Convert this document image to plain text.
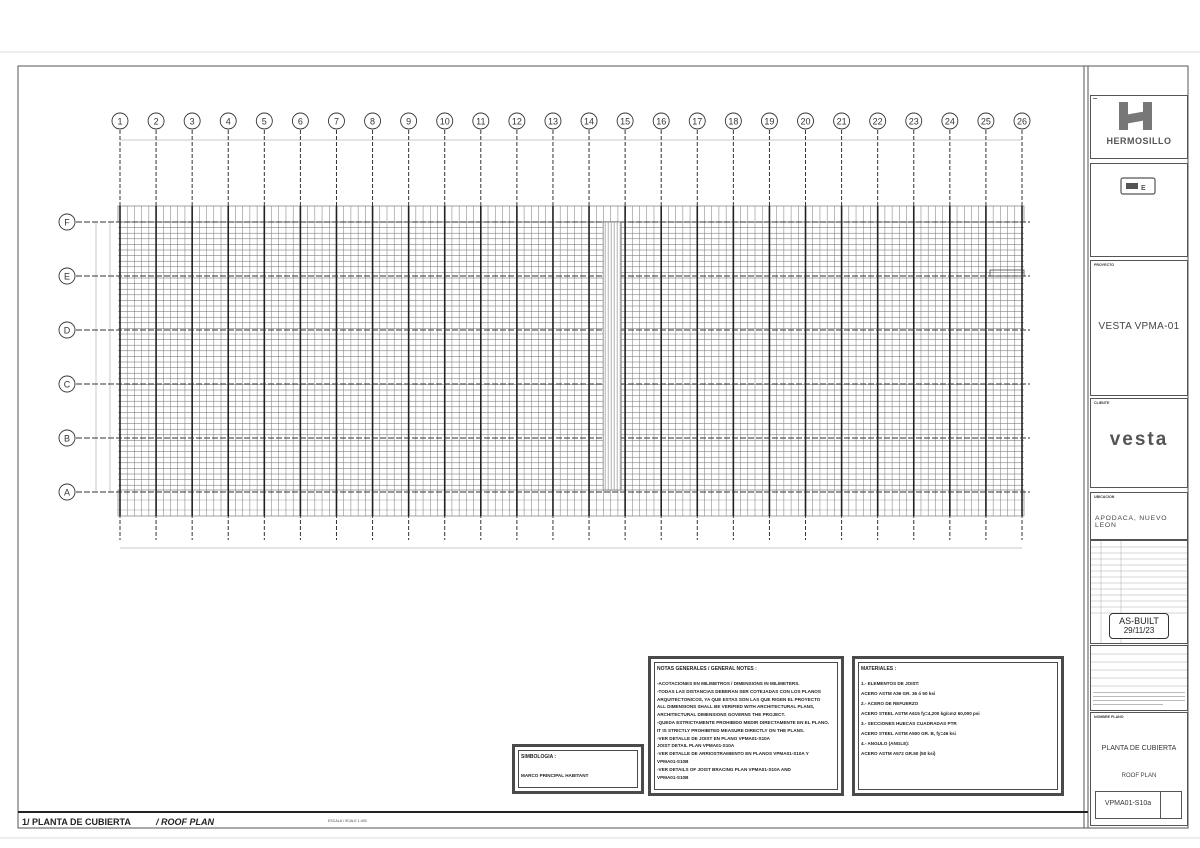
1	2	3	4	5	6	7	8	9	10	11	12	13	14	15	16	17	18	19	20	21	22	23	24	25	26
F
E
D
C
B
A
1/ PLANTA DE CUBIERTA	/ ROOF PLAN	ESCALA / SCALE 1:400
NOTAS GENERALES / GENERAL NOTES :
-ACOTACIONES EN MILIMETROS / DIMENSIONS IN MILIMETERS.
-TODAS LAS DISTANCIAS DEBERAN SER COTEJADAS CON LOS PLANOS
ARQUITECTONICOS, YA QUE ESTAS SON LAS QUE RIGEN EL PROYECTO
ALL DIMENSIONS SHALL BE VERIFIED WITH ARCHITECTURAL PLANS,
ARCHITECTURAL DIMENSIONS GOVERNS THE PROJECT.
-QUEDA ESTRICTAMENTE PROHIBIDO MEDIR DIRECTAMENTE EN EL PLANO.
IT IS STRICTLY PROHIBITED MEASURE DIRECTLY ON THE PLANS.
-VER DETALLE DE JOIST EN PLANO VPMA01-S10A
JOIST DETAIL PLAN VPMA01-S10A
-VER DETALLE DE ARRIOSTRAMIENTO EN PLANOS VPMA01-S10A Y
VPMA01-S10B
-VER DETAILS OF JOIST BRACING PLAN VPMA01-S10A AND
VPMA01-S10B
MATERIALES :
1.- ELEMENTOS DE JOIST:
ACERO ASTM A36 GR. 36 ó 50 ksi
2.- ACERO DE REFUERZO
ACERO STEEL ASTM A615 fy=4,200 kg/cm2 60,000 psi
3.- SECCIONES HUECAS CUADRADAS PTR
ACERO STEEL ASTM A500 GR. B, fy=46 ksi
4.- ANGULO (ANGLE):
ACERO ASTM A572 GR.50 (50 ksi)
SIMBOLOGIA :
MARCO PRINCIPAL HABITANT
HERMOSILLO
E
PROYECTO
VESTA VPMA-01
CLIENTE
vesta
UBICACION
APODACA, NUEVO LEON
AS-BUILT
29/11/23
NOMBRE PLANO
PLANTA DE CUBIERTA
ROOF PLAN
VPMA01-S10a
